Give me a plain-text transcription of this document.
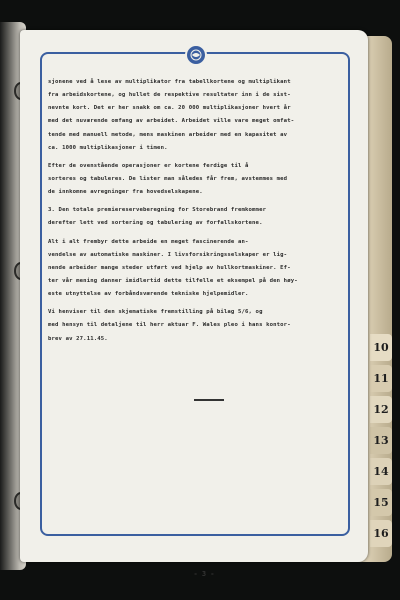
10
11
12
13
14
15
16
sjonene ved å lese av multiplikator fra tabellkortene og multiplikant
fra arbeidskortene, og hullet de respektive resultater inn i de sist-
nevnte kort. Det er her snakk om ca. 20 000 multiplikasjoner hvert år
med det nuværende omfang av arbeidet. Arbeidet ville vare meget omfat-
tende med manuell metode, mens maskinen arbeider med en kapasitet av
ca. 1000 multiplikasjoner i timen.
Efter de ovenstående operasjoner er kortene ferdige til å
sorteres og tabuleres. De lister man således får frem, avstemmes med
de innkomne avregninger fra hovedselskapene.
3. Den totale premiereserveberegning for Storebrand fremkommer
derefter lett ved sortering og tabulering av forfallskortene.
Alt i alt frembyr dette arbeide en meget fascinerende an-
vendelse av automatiske maskiner. I livsforsikringsselskaper er lig-
nende arbeider mange steder utført ved hjelp av hullkortmaskiner. Ef-
ter vår mening danner imidlertid dette tilfelle et eksempel på den høy-
este utnyttelse av forbåndsværende tekniske hjelpemidler.
Vi henviser til den skjematiske fremstilling på bilag 5/6, og
med hensyn til detaljene til herr aktuar F. Wales pleo i hans kontor-
brev av 27.11.45.
- 3 -
